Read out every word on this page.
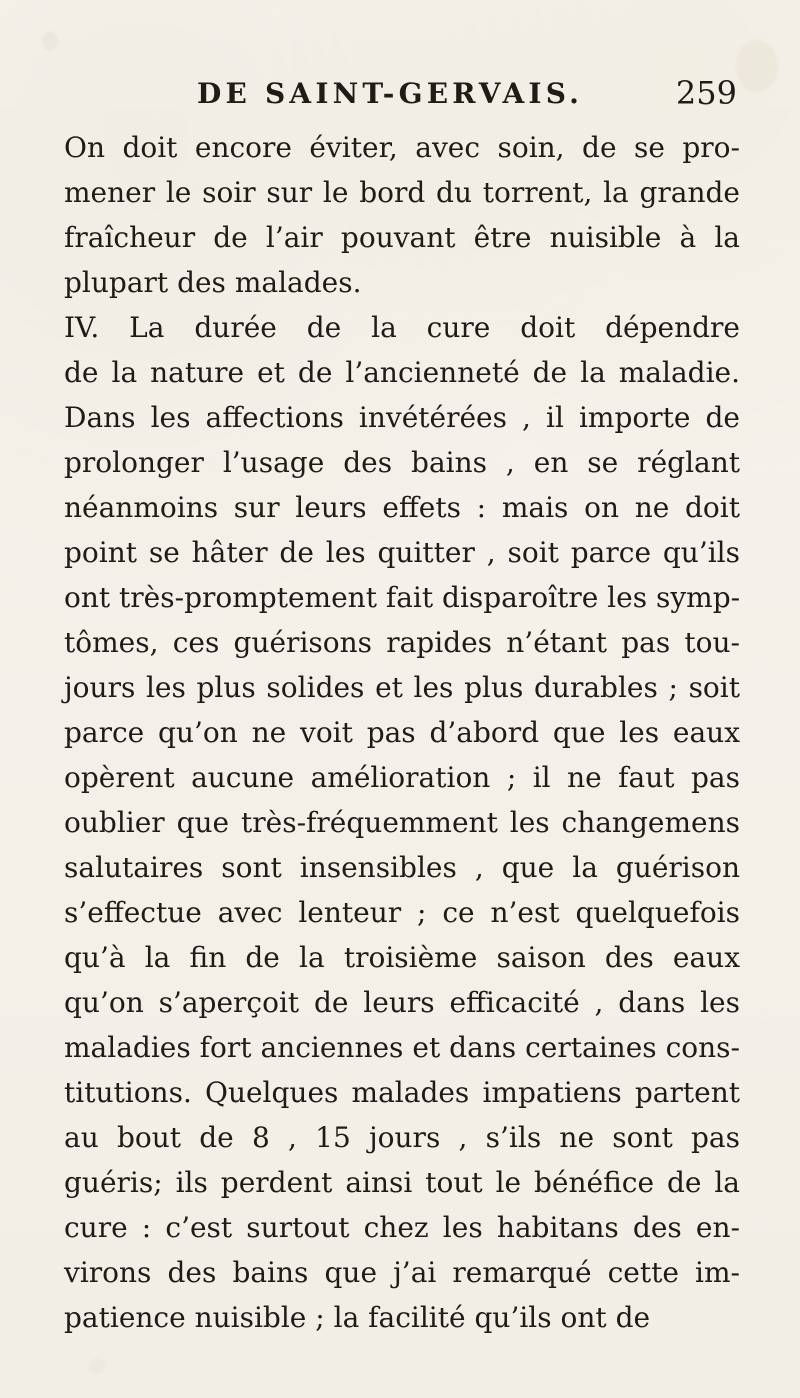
DE SAINT-GERVAIS.	259
On doit encore éviter, avec soin, de se pro-
mener le soir sur le bord du torrent, la grande
fraîcheur de l’air pouvant être nuisible à la
plupart des malades.
IV. La durée de la cure doit dépendre
de la nature et de l’ancienneté de la maladie.
Dans les affections invétérées , il importe de
prolonger l’usage des bains , en se réglant
néanmoins sur leurs effets : mais on ne doit
point se hâter de les quitter , soit parce qu’ils
ont très-promptement fait disparoître les symp-
tômes, ces guérisons rapides n’étant pas tou-
jours les plus solides et les plus durables ; soit
parce qu’on ne voit pas d’abord que les eaux
opèrent aucune amélioration ; il ne faut pas
oublier que très-fréquemment les changemens
salutaires sont insensibles , que la guérison
s’effectue avec lenteur ; ce n’est quelquefois
qu’à la fin de la troisième saison des eaux
qu’on s’aperçoit de leurs efficacité , dans les
maladies fort anciennes et dans certaines cons-
titutions. Quelques malades impatiens partent
au bout de 8 , 15 jours , s’ils ne sont pas
guéris; ils perdent ainsi tout le bénéfice de la
cure : c’est surtout chez les habitans des en-
virons des bains que j’ai remarqué cette im-
patience nuisible ; la facilité qu’ils ont de
